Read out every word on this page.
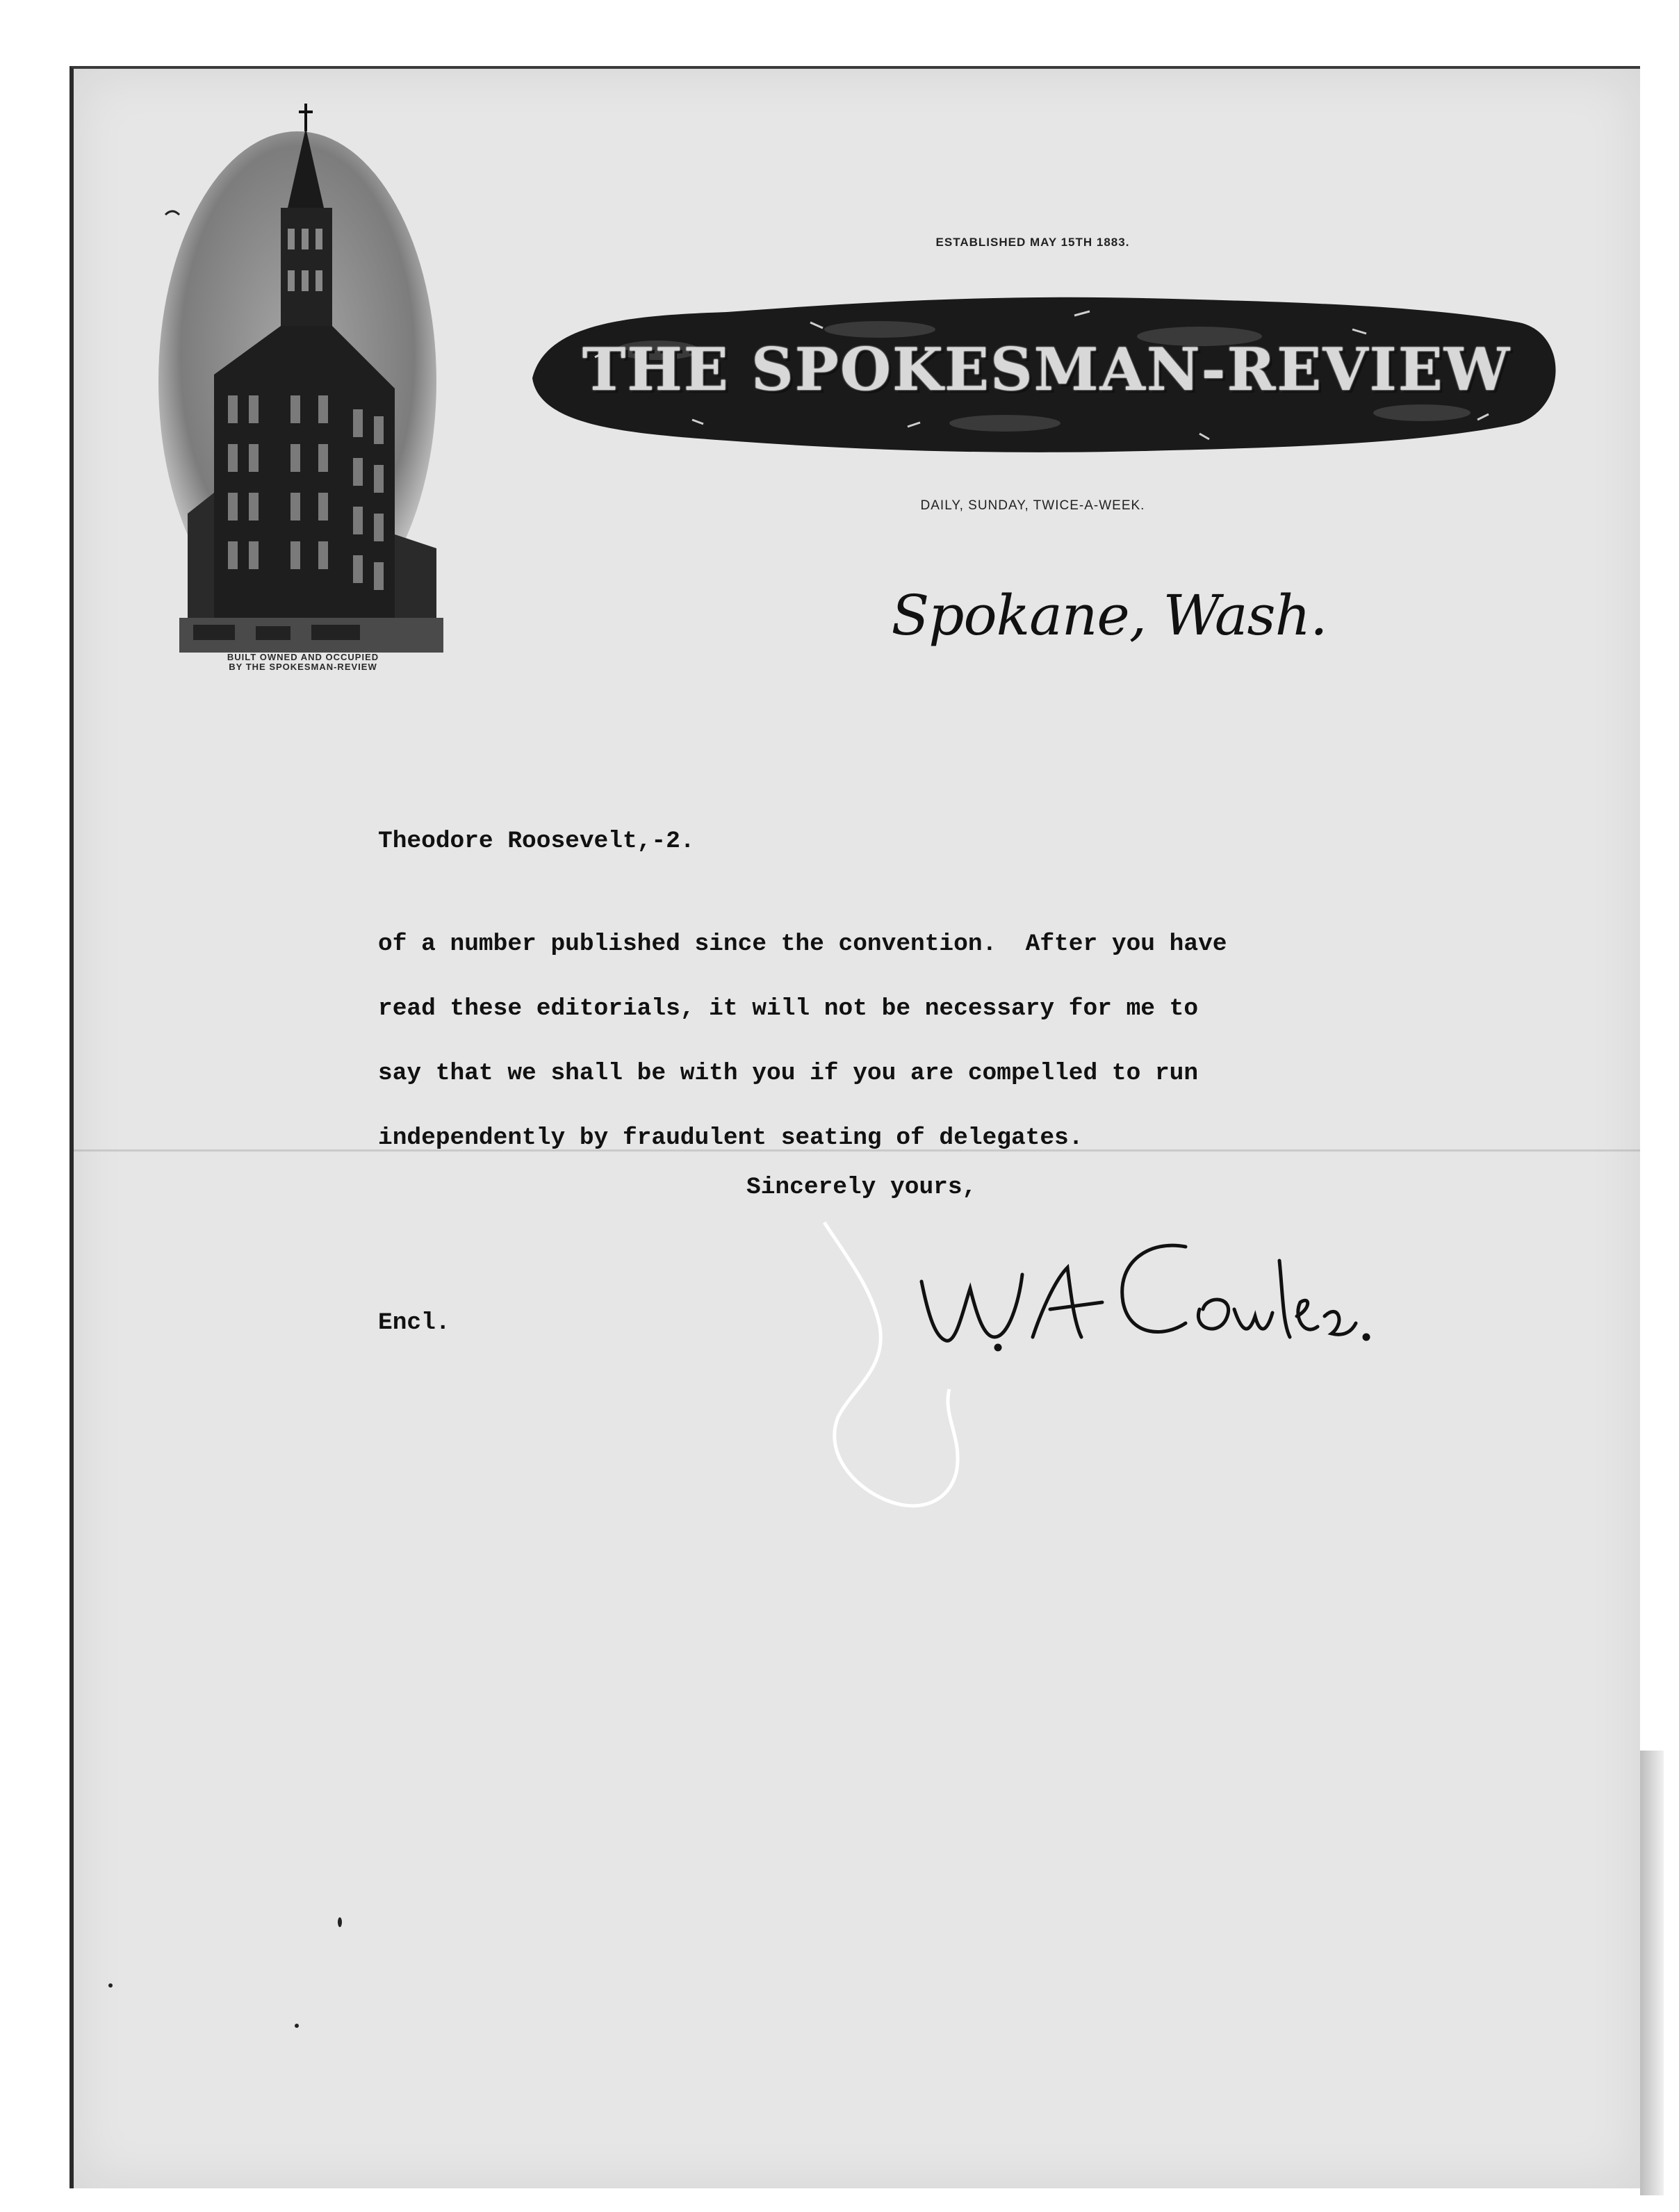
BUILT OWNED AND OCCUPIED
BY THE SPOKESMAN-REVIEW
ESTABLISHED MAY 15TH 1883.
THE SPOKESMAN-REVIEW
DAILY, SUNDAY, TWICE-A-WEEK.
Spokane, Wash.
Theodore Roosevelt,-2.
of a number published since the convention.  After you have
read these editorials, it will not be necessary for me to
say that we shall be with you if you are compelled to run
independently by fraudulent seating of delegates.
Sincerely yours,
Encl.
